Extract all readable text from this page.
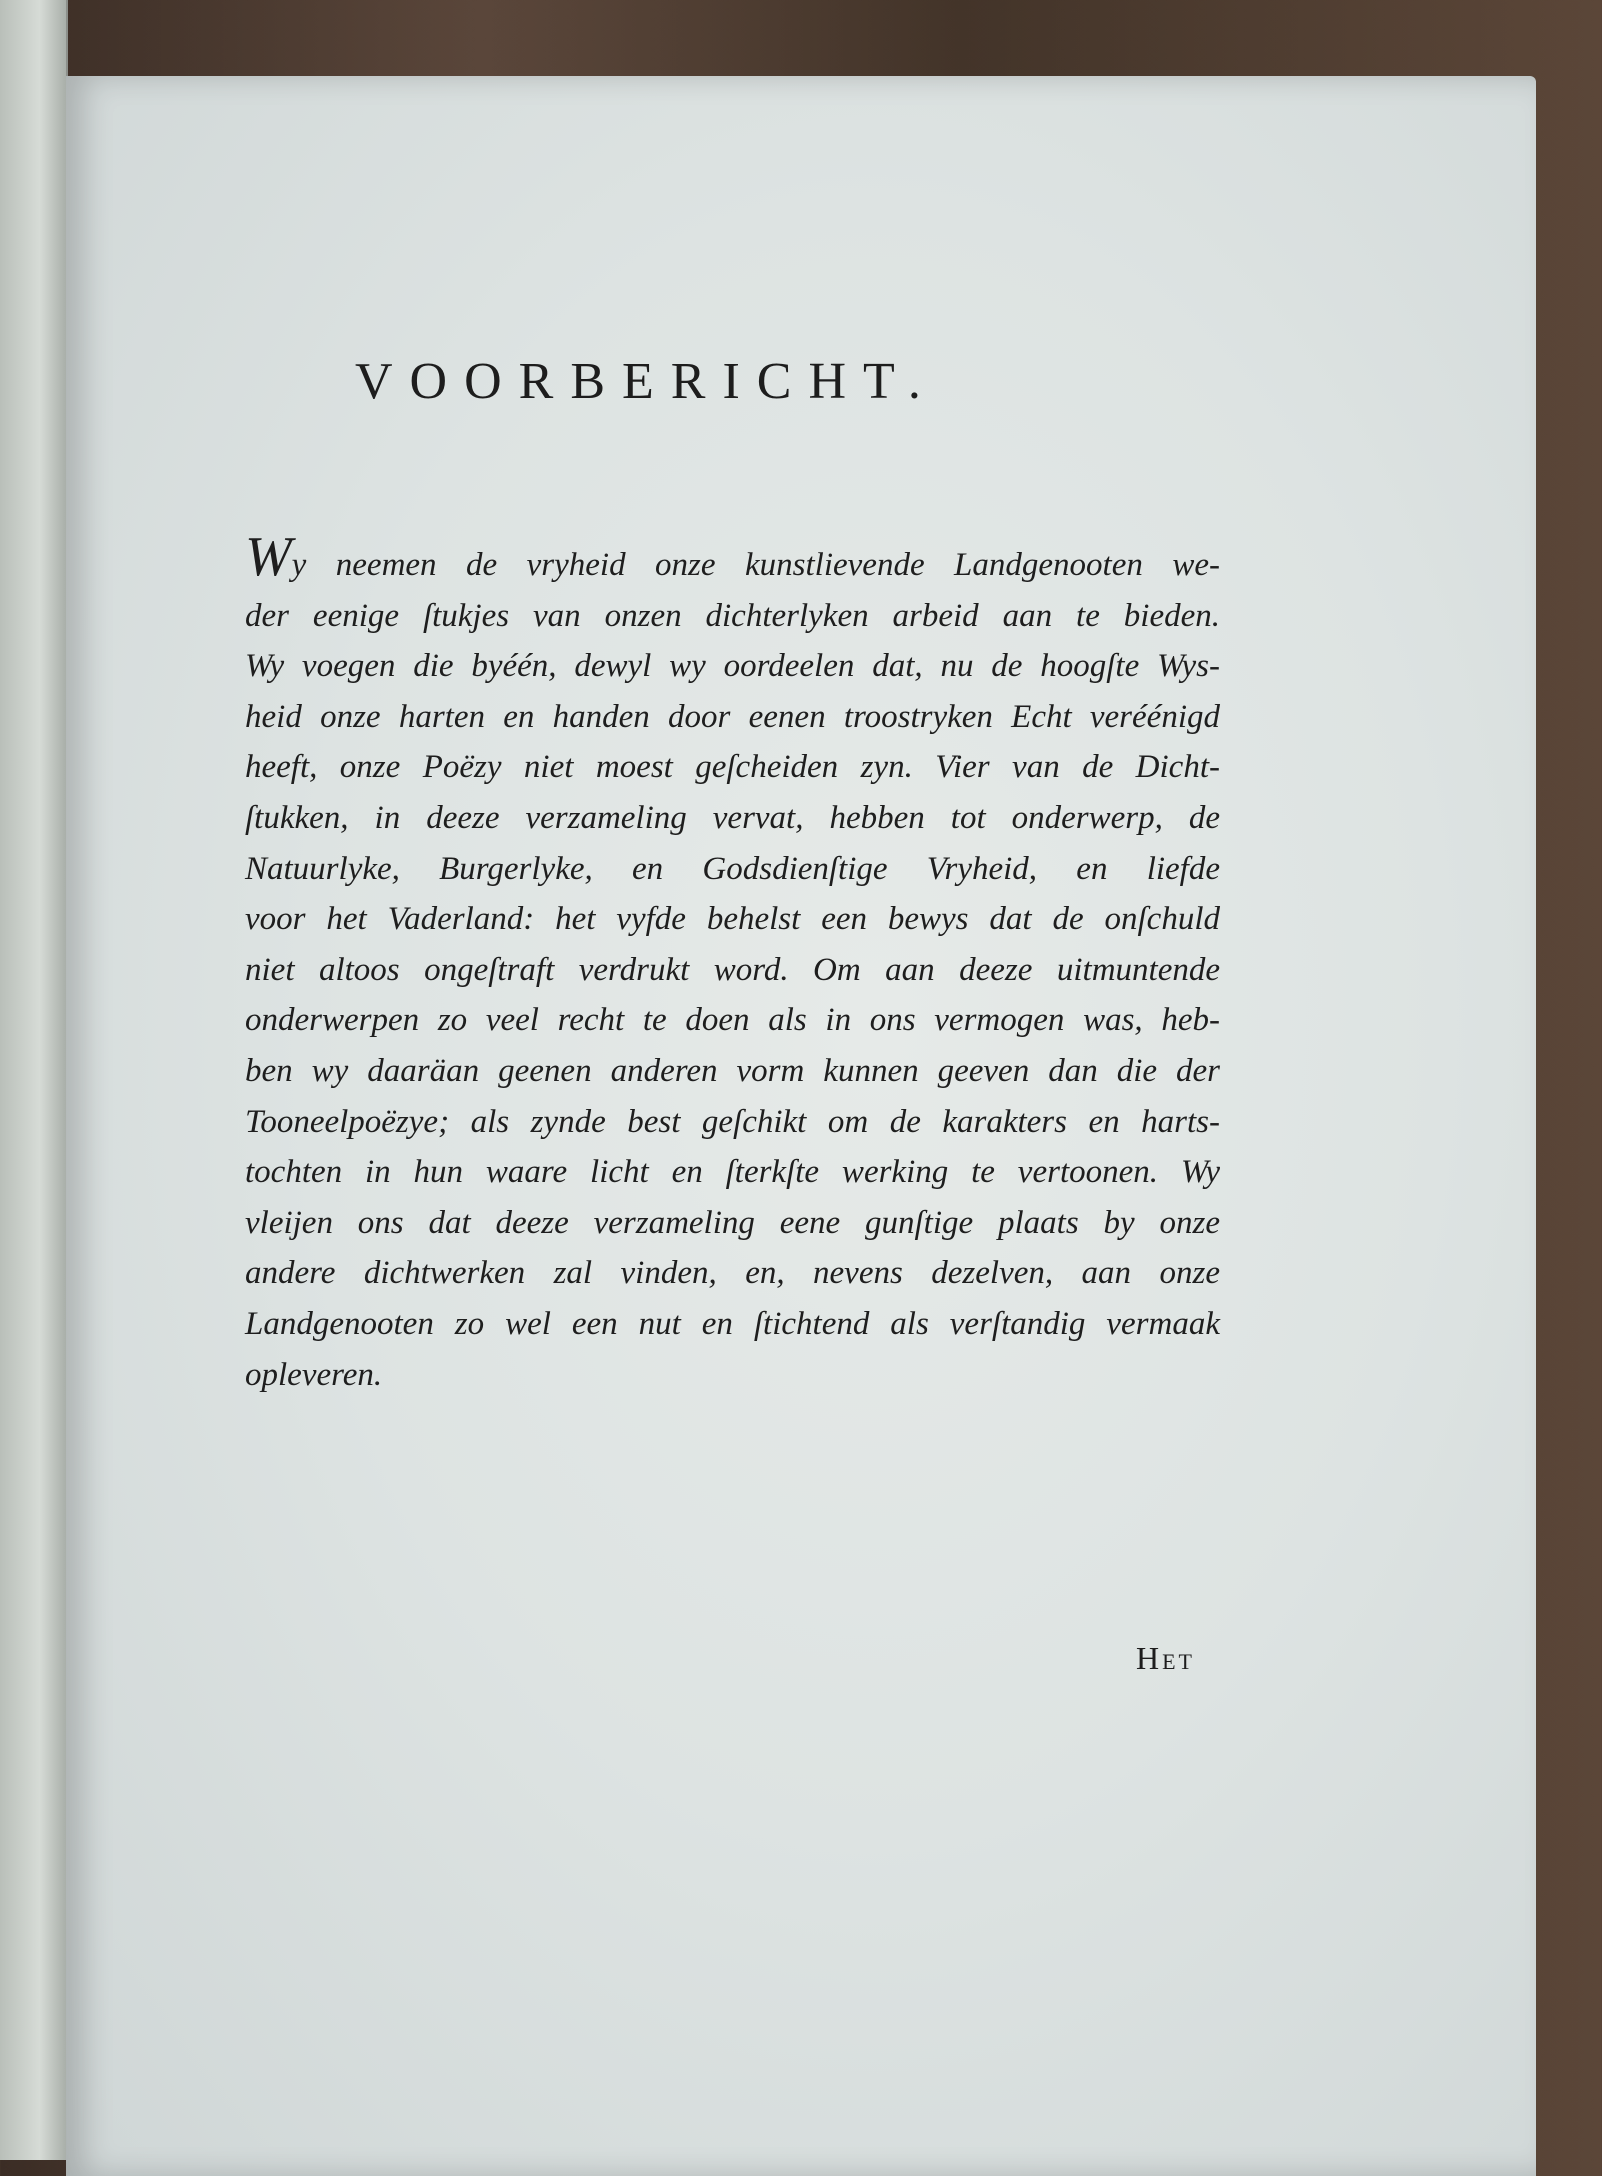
VOORBERICHT.
Wy neemen de vryheid onze kunstlievende Landgenooten we-
der eenige ſtukjes van onzen dichterlyken arbeid aan te bieden.
Wy voegen die byéén, dewyl wy oordeelen dat, nu de hoogſte Wys-
heid onze harten en handen door eenen troostryken Echt veréénigd
heeft, onze Poëzy niet moest geſcheiden zyn. Vier van de Dicht-
ſtukken, in deeze verzameling vervat, hebben tot onderwerp, de
Natuurlyke, Burgerlyke, en Godsdienſtige Vryheid, en liefde
voor het Vaderland: het vyfde behelst een bewys dat de onſchuld
niet altoos ongeſtraft verdrukt word. Om aan deeze uitmuntende
onderwerpen zo veel recht te doen als in ons vermogen was, heb-
ben wy daaräan geenen anderen vorm kunnen geeven dan die der
Tooneelpoëzye; als zynde best geſchikt om de karakters en harts-
tochten in hun waare licht en ſterkſte werking te vertoonen. Wy
vleijen ons dat deeze verzameling eene gunſtige plaats by onze
andere dichtwerken zal vinden, en, nevens dezelven, aan onze
Landgenooten zo wel een nut en ſtichtend als verſtandig vermaak
opleveren.
Het
